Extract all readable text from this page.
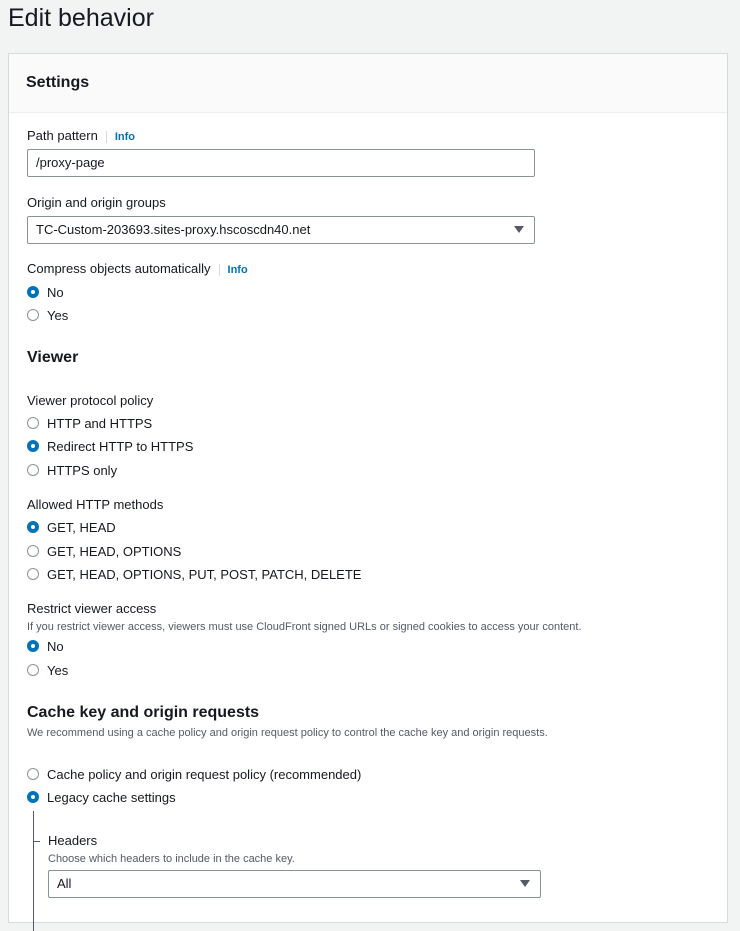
Edit behavior
Settings
Path pattern Info
/proxy-page
Origin and origin groups
TC-Custom-203693.sites-proxy.hscoscdn40.net
Compress objects automatically Info
No
Yes
Viewer
Viewer protocol policy
HTTP and HTTPS
Redirect HTTP to HTTPS
HTTPS only
Allowed HTTP methods
GET, HEAD
GET, HEAD, OPTIONS
GET, HEAD, OPTIONS, PUT, POST, PATCH, DELETE
Restrict viewer access
If you restrict viewer access, viewers must use CloudFront signed URLs or signed cookies to access your content.
No
Yes
Cache key and origin requests
We recommend using a cache policy and origin request policy to control the cache key and origin requests.
Cache policy and origin request policy (recommended)
Legacy cache settings
Headers
Choose which headers to include in the cache key.
All
